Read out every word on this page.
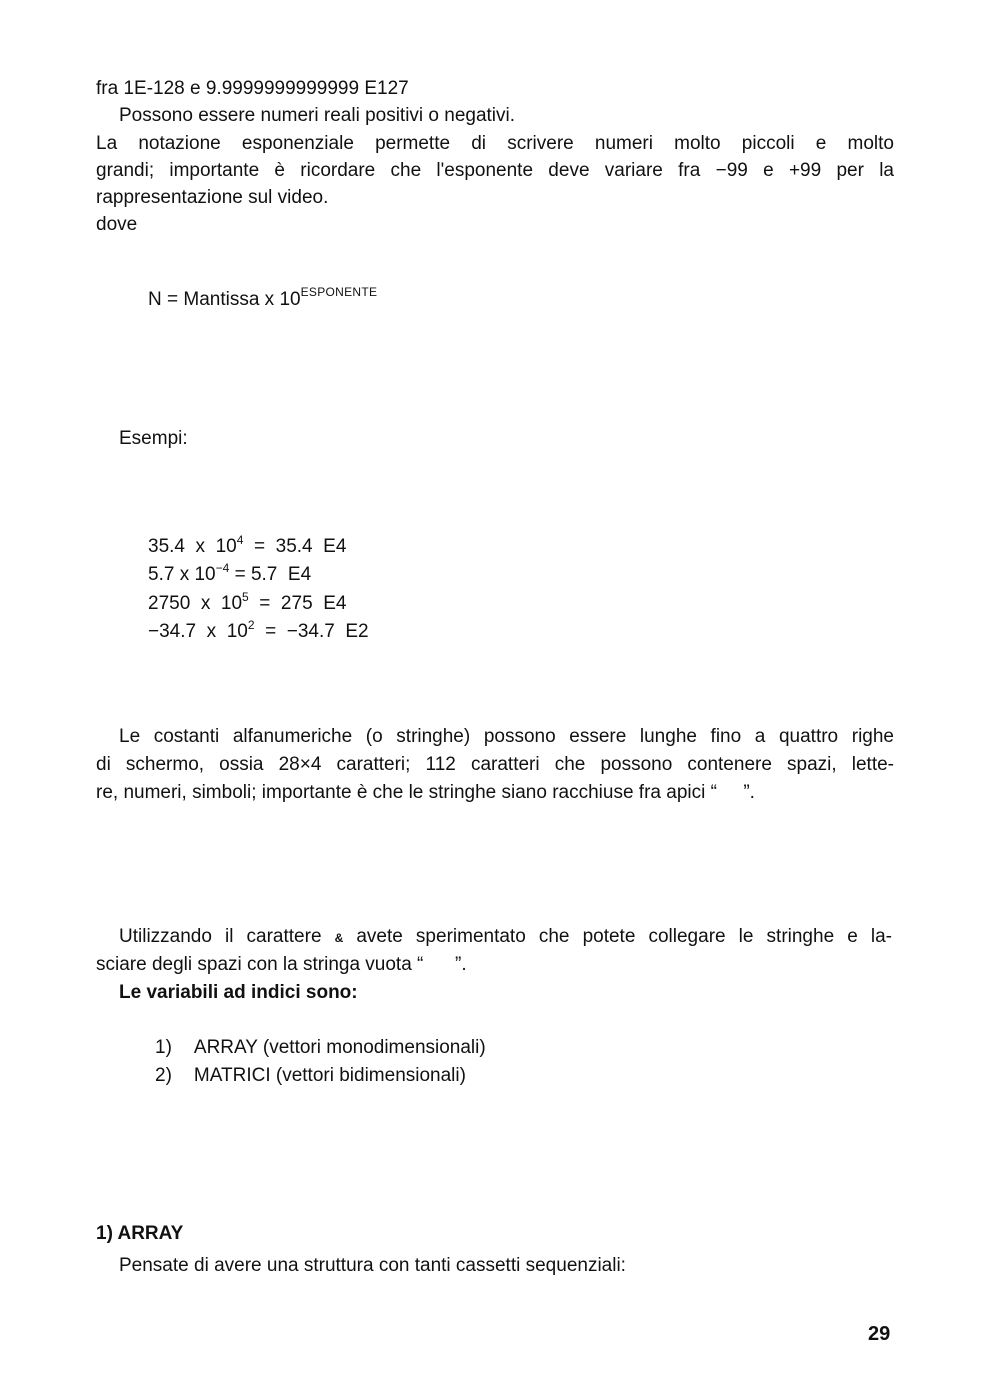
fra 1E-128 e 9.9999999999999 E127
Possono essere numeri reali positivi o negativi.
La notazione esponenziale permette di scrivere numeri molto piccoli e molto
grandi; importante è ricordare che l'esponente deve variare fra −99 e +99 per la
rappresentazione sul video.
dove
N = Mantissa x $10^{ESPONENTE}$
Esempi:
35.4  x  $10^4 = 35.4$  E4
5.7 x $10^{-4} = 5.7$  E4
2750  x  $10^5 = 275$  E4
−34.7  x  $10^2 = -34.7$  E2
Le costanti alfanumeriche (o stringhe) possono essere lunghe fino a quattro righe
di schermo, ossia 28×4 caratteri; 112 caratteri che possono contenere spazi, lette-
re, numeri, simboli; importante è che le stringhe siano racchiuse fra apici “     ”.
Utilizzando il carattere & avete sperimentato che potete collegare le stringhe e la-
sciare degli spazi con la stringa vuota “      ”.
Le variabili ad indici sono:
1) ARRAY (vettori monodimensionali)
2) MATRICI (vettori bidimensionali)
1) ARRAY
Pensate di avere una struttura con tanti cassetti sequenziali:
29
